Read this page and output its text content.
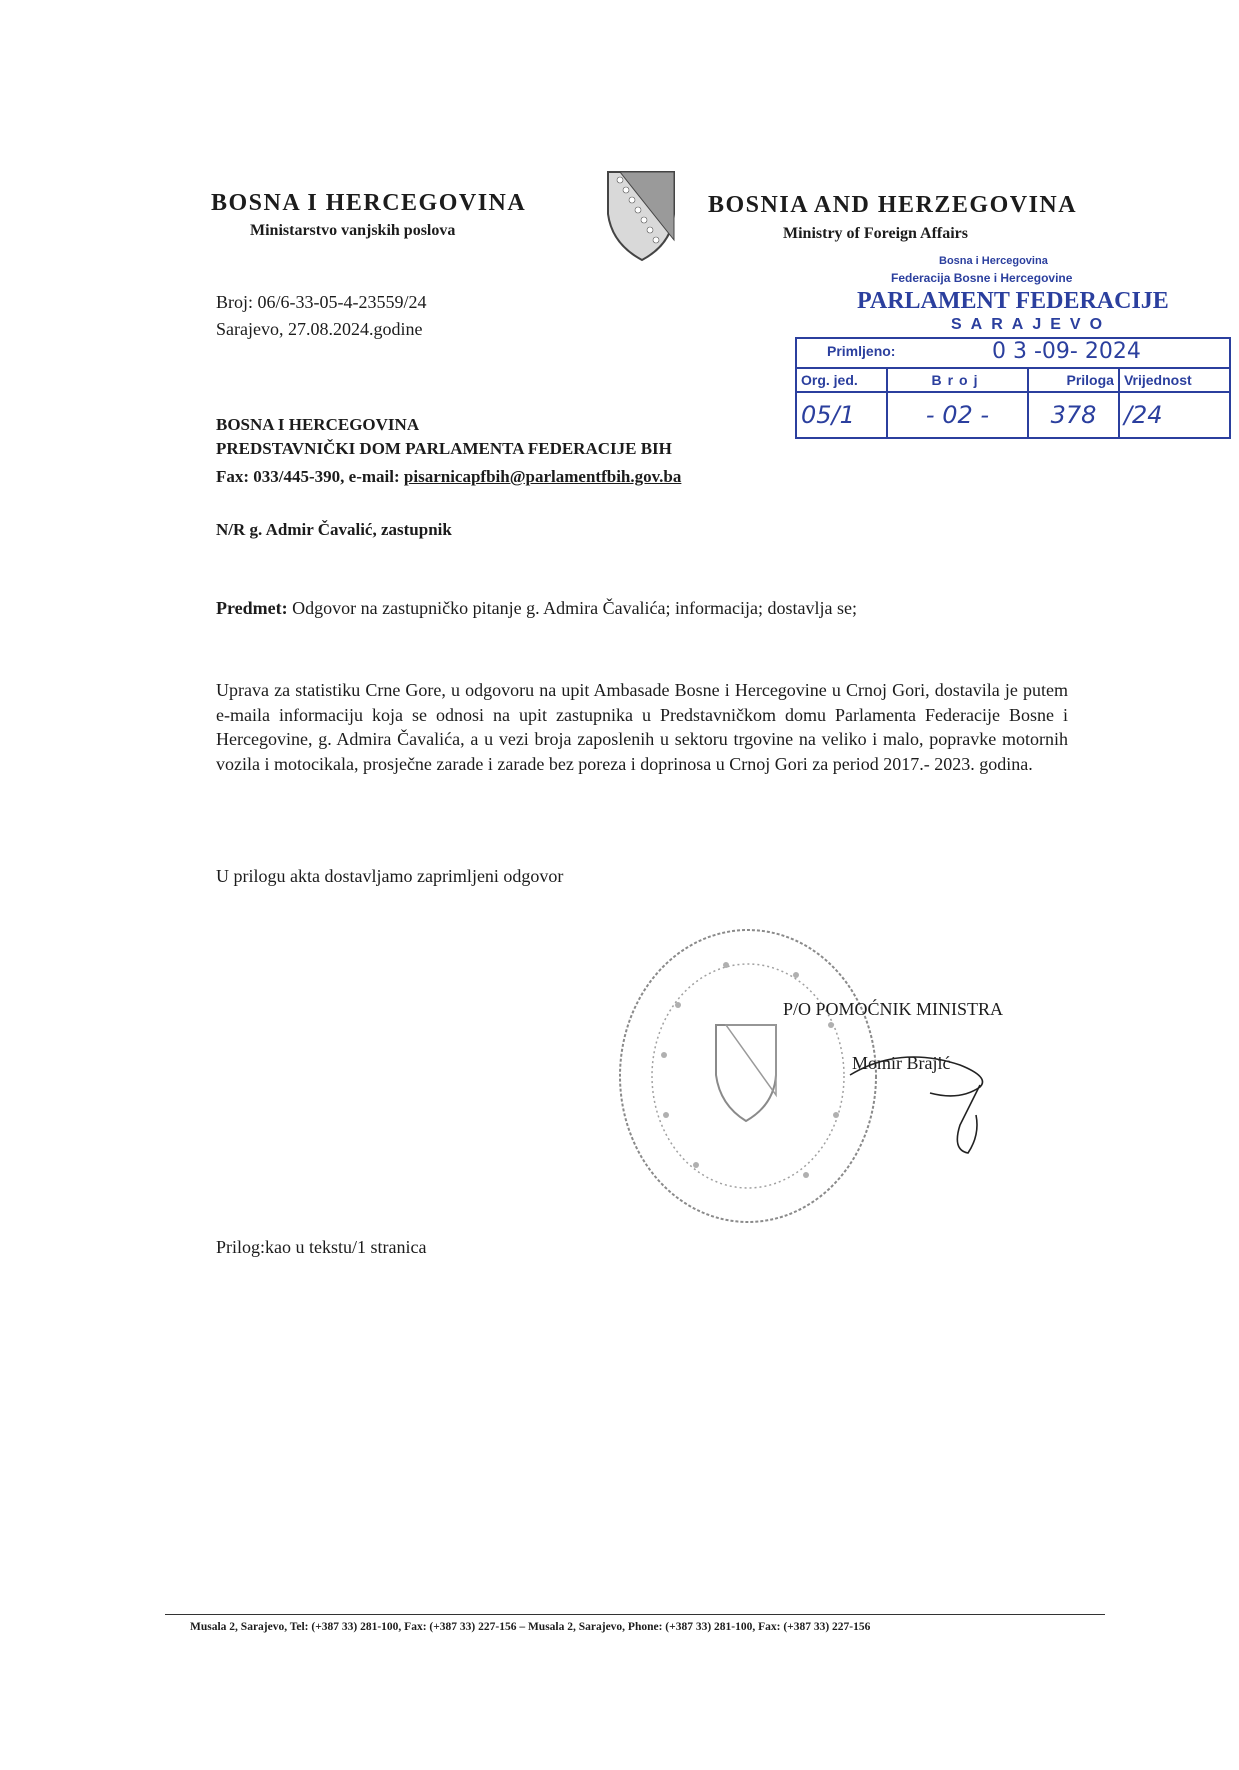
BOSNA I HERCEGOVINA
Ministarstvo vanjskih poslova
BOSNIA AND HERZEGOVINA
Ministry of Foreign Affairs
Broj: 06/6-33-05-4-23559/24
Sarajevo, 27.08.2024.godine
Bosna i Hercegovina
Federacija Bosne i Hercegovine
PARLAMENT FEDERACIJE
SARAJEVO
Primljeno:	0 3 -09- 2024
Org. jed.	Broj	Priloga	Vrijednost
05/1	- 02 -	378	/24
BOSNA I HERCEGOVINA
PREDSTAVNIČKI DOM PARLAMENTA FEDERACIJE BIH
Fax: 033/445-390, e-mail: pisarnicapfbih@parlamentfbih.gov.ba
N/R g. Admir Čavalić, zastupnik
Predmet: Odgovor na zastupničko pitanje g. Admira Čavalića; informacija; dostavlja se;
Uprava za statistiku Crne Gore, u odgovoru na upit Ambasade Bosne i Hercegovine u Crnoj Gori, dostavila je putem e-maila informaciju koja se odnosi na upit zastupnika u Predstavničkom domu Parlamenta Federacije Bosne i Hercegovine, g. Admira Čavalića, a u vezi broja zaposlenih u sektoru trgovine na veliko i malo, popravke motornih vozila i motocikala, prosječne zarade i zarade bez poreza i doprinosa u Crnoj Gori za period 2017.- 2023. godina.
U prilogu akta dostavljamo zaprimljeni odgovor
P/O POMOĆNIK MINISTRA
Momir Brajić
Prilog:kao u tekstu/1 stranica
Musala 2, Sarajevo, Tel: (+387 33) 281-100, Fax: (+387 33) 227-156 – Musala 2, Sarajevo, Phone: (+387 33) 281-100, Fax: (+387 33) 227-156
